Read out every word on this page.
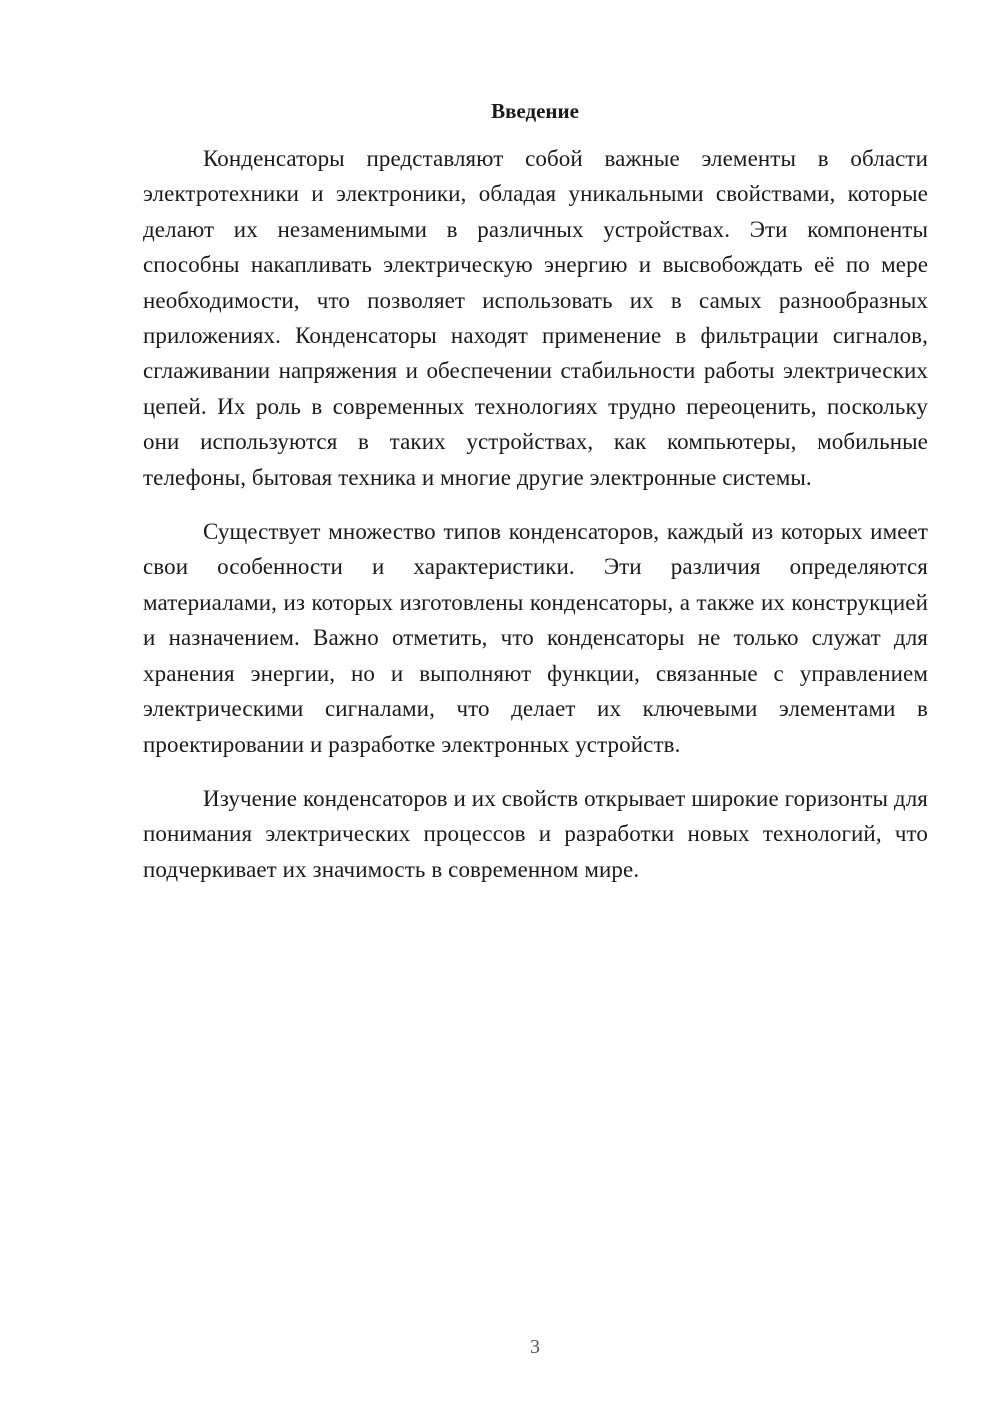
Введение

Конденсаторы представляют собой важные элементы в области электротехники и электроники, обладая уникальными свойствами, которые делают их незаменимыми в различных устройствах. Эти компоненты способны накапливать электрическую энергию и высвобождать её по мере необходимости, что позволяет использовать их в самых разнообразных приложениях. Конденсаторы находят применение в фильтрации сигналов, сглаживании напряжения и обеспечении стабильности работы электрических цепей. Их роль в современных технологиях трудно переоценить, поскольку они используются в таких устройствах, как компьютеры, мобильные телефоны, бытовая техника и многие другие электронные системы.

Существует множество типов конденсаторов, каждый из которых имеет свои особенности и характеристики. Эти различия определяются материалами, из которых изготовлены конденсаторы, а также их конструкцией и назначением. Важно отметить, что конденсаторы не только служат для хранения энергии, но и выполняют функции, связанные с управлением электрическими сигналами, что делает их ключевыми элементами в проектировании и разработке электронных устройств.

Изучение конденсаторов и их свойств открывает широкие горизонты для понимания электрических процессов и разработки новых технологий, что подчеркивает их значимость в современном мире.

3
